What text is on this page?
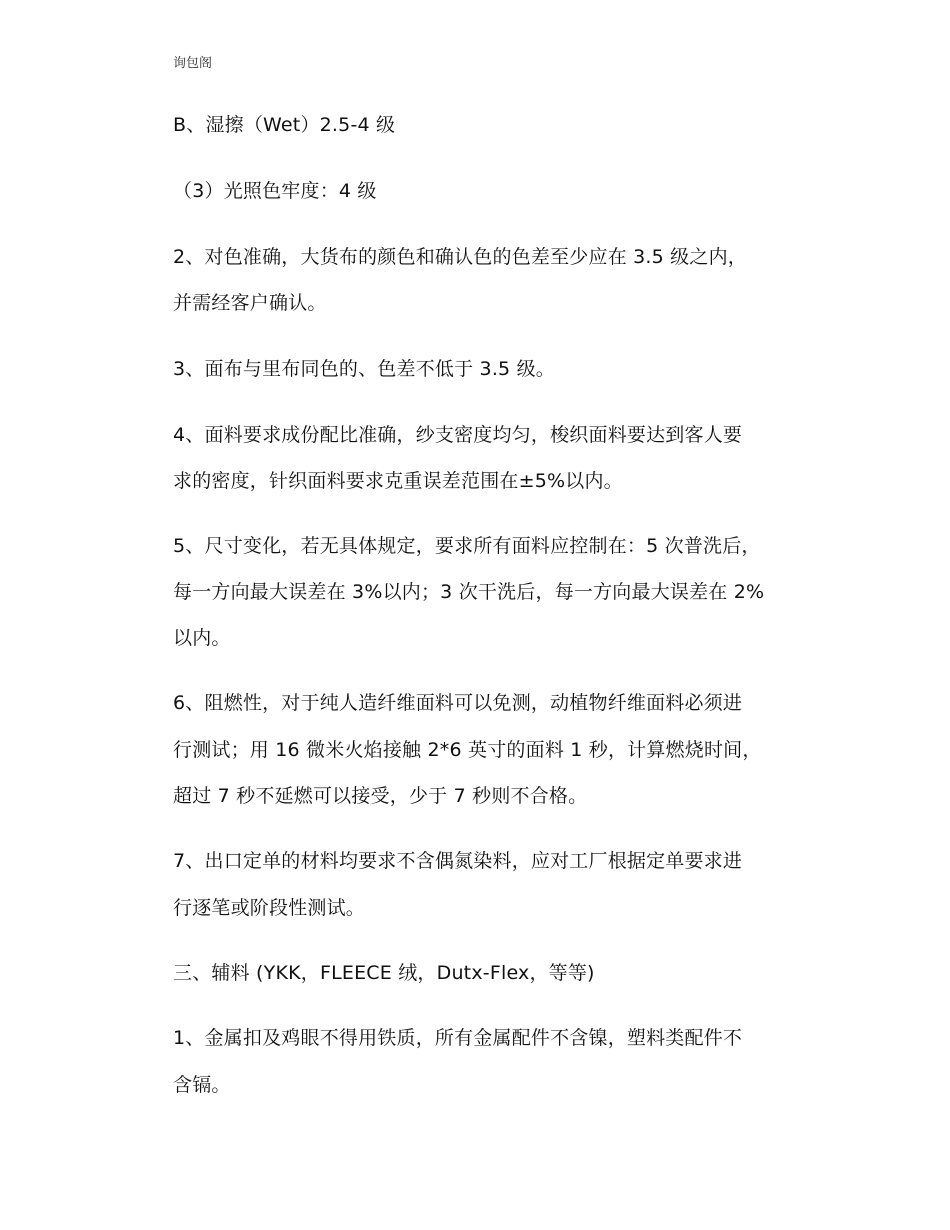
询包阁
B、湿擦（Wet）2.5-4 级
（3）光照色牢度：4 级
2、对色准确，大货布的颜色和确认色的色差至少应在 3.5 级之内，
并需经客户确认。
3、面布与里布同色的、色差不低于 3.5 级。
4、面料要求成份配比准确，纱支密度均匀，梭织面料要达到客人要
求的密度，针织面料要求克重误差范围在±5%以内。
5、尺寸变化，若无具体规定，要求所有面料应控制在：5 次普洗后，
每一方向最大误差在 3%以内；3 次干洗后，每一方向最大误差在 2%
以内。
6、阻燃性，对于纯人造纤维面料可以免测，动植物纤维面料必须进
行测试；用 16 微米火焰接触 2*6 英寸的面料 1 秒，计算燃烧时间，
超过 7 秒不延燃可以接受，少于 7 秒则不合格。
7、出口定单的材料均要求不含偶氮染料，应对工厂根据定单要求进
行逐笔或阶段性测试。
三、辅料 (YKK，FLEECE 绒，Dutx-Flex，等等)
1、金属扣及鸡眼不得用铁质，所有金属配件不含镍，塑料类配件不
含镉。
